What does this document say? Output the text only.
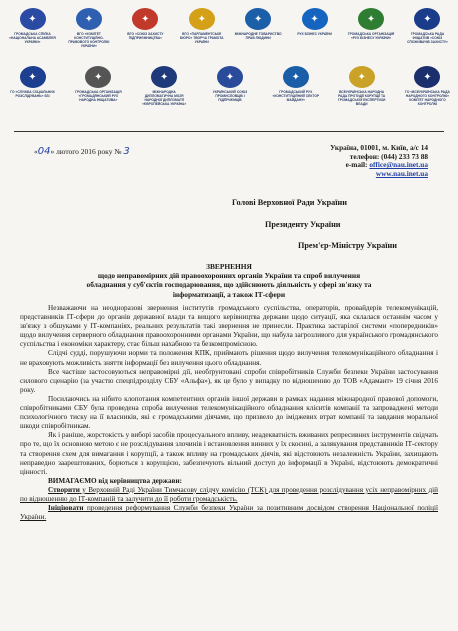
✦
ГРОМАДСЬКА СПІЛКА «НАЦІОНАЛЬНА АСАМБЛЕЯ УКРАЇНИ»
✦
ВГО «КОМІТЕТ КОНСТИТУЦІЙНО-ПРАВОВОГО КОНТРОЛЮ УКРАЇНИ»
✦
ВГО «СОЮЗ ЗАХИСТУ ПІДПРИЄМНИЦТВА»
✦
ВГО «ПАРЛАМЕНТСЬКЕ БЮРО» ТВОРЧА ГРАМОТА УКРАЇНИ
✦
МІЖНАРОДНЕ ТОВАРИСТВО ПРАВ ЛЮДИНИ
✦
РУХ БІЗНЕС УКРАЇНИ
✦
ГРОМАДСЬКА ОРГАНІЗАЦІЯ «РУХ БІЗНЕСУ УКРАЇНИ»
✦
ГРОМАДСЬКА РАДА ІНІЦІАТИВ «СОЮЗ СПОЖИВАЧІВ ЗАХИСТУ»
✦
ГО «СЛУЖБА СОЦІАЛЬНИХ РОЗСЛІДУВАНЬ» SSI
✦
ГРОМАДСЬКА ОРГАНІЗАЦІЯ «ГРОМАДЯНСЬКИЙ РУХ НАРОДНА ІНІЦІАТИВА»
✦
МІЖНАРОДНА ДИПЛОМАТИЧНА МІСІЯ НАРОДНОЇ ДИПЛОМАТІЇ «ЄВРОПЕЙСЬКА УКРАЇНА»
✦
УКРАЇНСЬКИЙ СОЮЗ ПРОМИСЛОВЦІВ І ПІДПРИЄМЦІВ
✦
ГРОМАДСЬКИЙ РУХ «КОНСТИТУЦІЙНИЙ СЕКТОР МАЙДАНУ»
✦
ВСЕУКРАЇНСЬКА НАРОДНА РАДА ПРОТИДІЇ КОРУПЦІЇ ТА ГРОМАДСЬКОЇ ЕКСПЕРТИЗИ ВЛАДИ
✦
ГО «ВСЕУКРАЇНСЬКА РАДА НАРОДНОГО КОНТРОЛЮ» КОМІТЕТ НАРОДНОГО КОНТРОЛЮ
«04» лютого 2016 року № 3	Україна, 01001, м. Київ, а/с 14
телефон: (044) 233 73 88
e-mail: office@nau.inet.ua
www.nau.inet.ua
Голові Верховної Ради України
Президенту України
Прем'єр-Міністру України
ЗВЕРНЕННЯ
щодо неправомірних дій правоохоронних органів України та спроб вилучення
обладнання у суб'єктів господарювання, що здійснюють діяльність у сфері зв'язку та
інформатизації, а також ІТ-сфери

Незважаючи на неодноразові звернення інститутів громадського суспільства, операторів, провайдерів телекомунікацій, представників ІТ-сфери до органів державної влади та вищого керівництва держави щодо ситуації, яка склалася останнім часом у зв'язку з обшуками у ІТ-компаніях, реальних результатів такі звернення не принесли. Практика застарілої системи «попередників» щодо вилучення серверного обладнання правоохоронними органами України, що набула загрозливого для українського громадянського суспільства і економіки характеру, стає більш нахабною та безкомпромісною.

Слідчі судді, порушуючи норми та положення КПК, приймають рішення щодо вилучення телекомунікаційного обладнання і не враховують можливість зняття інформації без вилучення цього обладнання.

Все частіше застосовуються неправомірні дії, необґрунтовані спроби співробітників Служби безпеки України застосування силового сценарію (за участю спецпідрозділу СБУ «Альфа»), як це було у випадку по відношенню до ТОВ «Адамант» 19 січня 2016 року.

Посилаючись на нібито клопотання компетентних органів іншої держави в рамках надання міжнародної правової допомоги, співробітниками СБУ була проведена спроба вилучення телекомунікаційного обладнання клієнтів компанії та запроваджені методи психологічного тиску на її власників, які є громадськими діячами, що призвело до іміджевих втрат компанії та завдання моральної шкоди співробітникам.

Як і раніше, жорстокість у виборі засобів процесуального впливу, неадекватність вживаних репресивних інструментів свідчать про те, що їх основною метою є не розслідування злочинів і встановлення винних у їх скоєнні, а залякування представників ІТ-сектору та створення схем для вимагання і корупції, а також впливу на громадських діячів, які відстоюють незалежність України, захищають неправедно заарештованих, борються з корупцією, забезпечують вільний доступ до інформації в Україні, відстоюють демократичні цінності.

ВИМАГАЄМО від керівництва держави:

Створити у Верховній Раді України Тимчасову слідчу комісію (ТСК) для проведення розслідування усіх неправомірних дій по відношенню до ІТ-компаній та залучити до її роботи громадськість.

Ініціювати проведення реформування Служби безпеки України за позитивним досвідом створення Національної поліції України.
